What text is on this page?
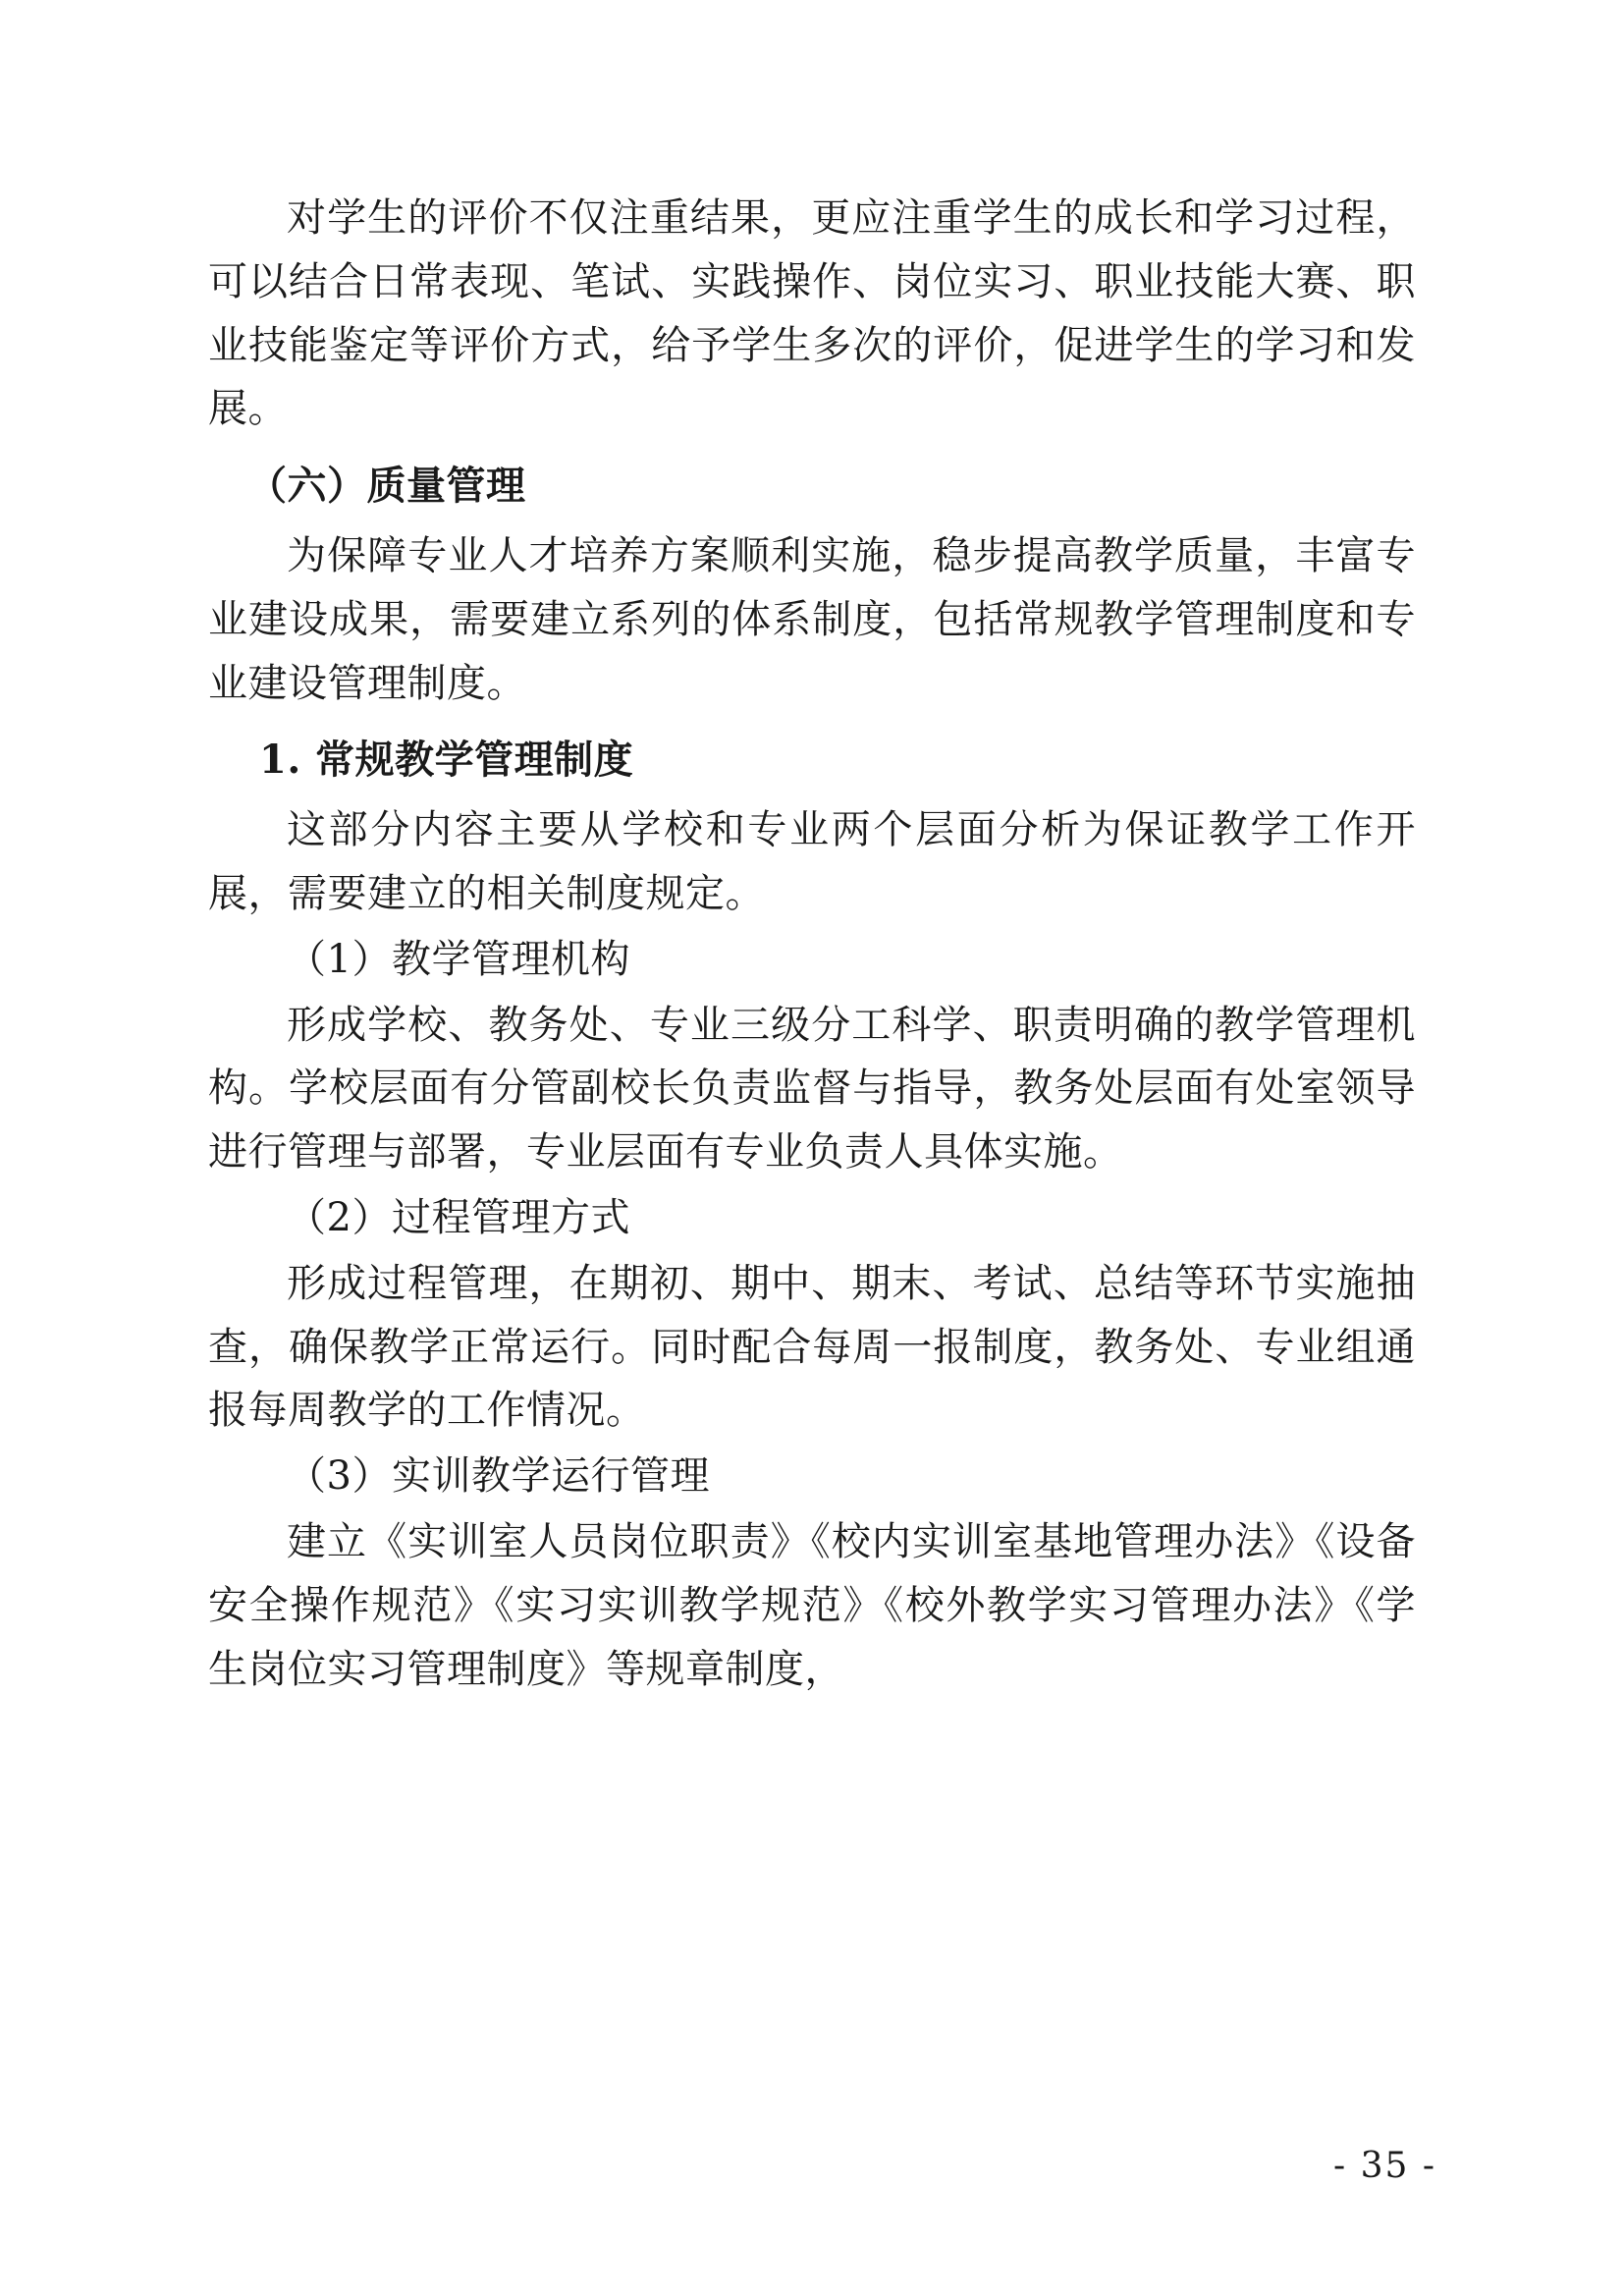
对学生的评价不仅注重结果，更应注重学生的成长和学习过程，可以结合日常表现、笔试、实践操作、岗位实习、职业技能大赛、职业技能鉴定等评价方式，给予学生多次的评价，促进学生的学习和发展。

（六）质量管理

为保障专业人才培养方案顺利实施，稳步提高教学质量，丰富专业建设成果，需要建立系列的体系制度，包括常规教学管理制度和专业建设管理制度。

1. 常规教学管理制度

这部分内容主要从学校和专业两个层面分析为保证教学工作开展，需要建立的相关制度规定。

（1）教学管理机构

形成学校、教务处、专业三级分工科学、职责明确的教学管理机构。学校层面有分管副校长负责监督与指导，教务处层面有处室领导进行管理与部署，专业层面有专业负责人具体实施。

（2）过程管理方式

形成过程管理，在期初、期中、期末、考试、总结等环节实施抽查，确保教学正常运行。同时配合每周一报制度，教务处、专业组通报每周教学的工作情况。

（3）实训教学运行管理

建立《实训室人员岗位职责》《校内实训室基地管理办法》《设备安全操作规范》《实习实训教学规范》《校外教学实习管理办法》《学生岗位实习管理制度》等规章制度，

- 35 -
